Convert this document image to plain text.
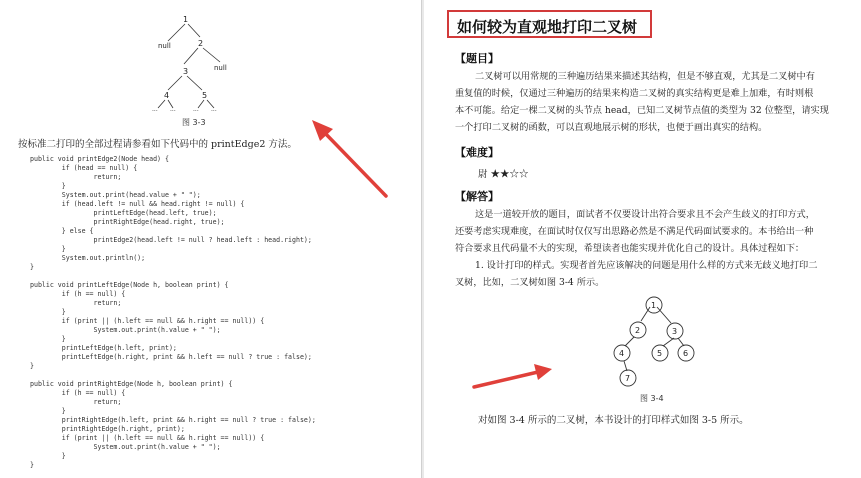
1
null	2
3	null
4	5
... ...	... ...
图 3-3
按标准二打印的全部过程请参看如下代码中的 printEdge2 方法。
public void printEdge2(Node head) {
if (head == null) {
return;
}
System.out.print(head.value + " ");
if (head.left != null && head.right != null) {
printLeftEdge(head.left, true);
printRightEdge(head.right, true);
} else {
printEdge2(head.left != null ? head.left : head.right);
}
System.out.println();
}
public void printLeftEdge(Node h, boolean print) {
if (h == null) {
return;
}
if (print || (h.left == null && h.right == null)) {
System.out.print(h.value + " ");
}
printLeftEdge(h.left, print);
printLeftEdge(h.right, print && h.left == null ? true : false);
}
public void printRightEdge(Node h, boolean print) {
if (h == null) {
return;
}
printRightEdge(h.left, print && h.right == null ? true : false);
printRightEdge(h.right, print);
if (print || (h.left == null && h.right == null)) {
System.out.print(h.value + " ");
}
}
如何较为直观地打印二叉树
【题目】
二叉树可以用常规的三种遍历结果来描述其结构，但是不够直观，尤其是二叉树中有
重复值的时候，仅通过三种遍历的结果来构造二叉树的真实结构更是难上加难，有时则根
本不可能。给定一棵二叉树的头节点 head，已知二叉树节点值的类型为 32 位整型，请实现
一个打印二叉树的函数，可以直观地展示树的形状，也便于画出真实的结构。
【难度】
尉 ★★☆☆
【解答】
这是一道较开放的题目，面试者不仅要设计出符合要求且不会产生歧义的打印方式，
还要考虑实现难度，在面试时仅仅写出思路必然是不满足代码面试要求的。本书给出一种
符合要求且代码量不大的实现，希望读者也能实现并优化自己的设计。具体过程如下：
1. 设计打印的样式。实现者首先应该解决的问题是用什么样的方式来无歧义地打印二
叉树，比如，二叉树如图 3-4 所示。
1
2	3
4	5	6
7
图 3-4
对如图 3-4 所示的二叉树，本书设计的打印样式如图 3-5 所示。
